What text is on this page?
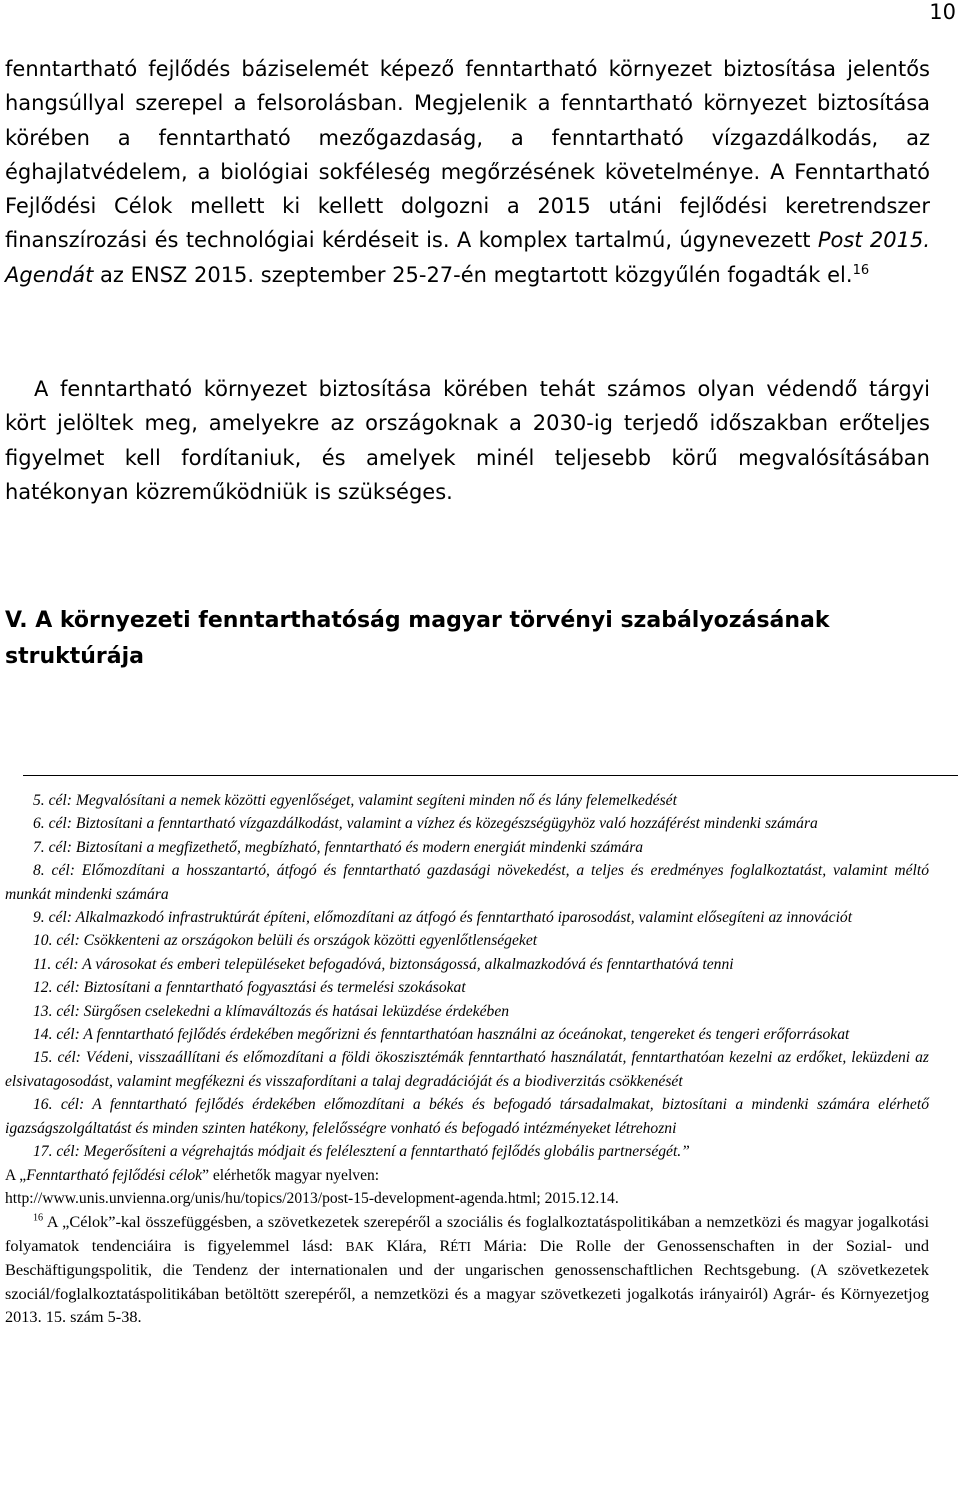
10

fenntartható fejlődés báziselemét képező fenntartható környezet biztosítása jelentős hangsúllyal szerepel a felsorolásban. Megjelenik a fenntartható környezet biztosítása körében a fenntartható mezőgazdaság, a fenntartható vízgazdálkodás, az éghajlatvédelem, a biológiai sokféleség megőrzésének követelménye. A Fenntartható Fejlődési Célok mellett ki kellett dolgozni a 2015 utáni fejlődési keretrendszer finanszírozási és technológiai kérdéseit is. A komplex tartalmú, úgynevezett Post 2015. Agendát az ENSZ 2015. szeptember 25-27-én megtartott közgyűlén fogadták el.$^{16}$

A fenntartható környezet biztosítása körében tehát számos olyan védendő tárgyi kört jelöltek meg, amelyekre az országoknak a 2030-ig terjedő időszakban erőteljes figyelmet kell fordítaniuk, és amelyek minél teljesebb körű megvalósításában hatékonyan közreműködniük is szükséges.

V. A környezeti fenntarthatóság magyar törvényi szabályozásának struktúrája

5. cél: Megvalósítani a nemek közötti egyenlőséget, valamint segíteni minden nő és lány felemelkedését

6. cél: Biztosítani a fenntartható vízgazdálkodást, valamint a vízhez és közegészségügyhöz való hozzáférést mindenki számára

7. cél: Biztosítani a megfizethető, megbízható, fenntartható és modern energiát mindenki számára

8. cél: Előmozdítani a hosszantartó, átfogó és fenntartható gazdasági növekedést, a teljes és eredményes foglalkoztatást, valamint méltó munkát mindenki számára

9. cél: Alkalmazkodó infrastruktúrát építeni, előmozdítani az átfogó és fenntartható iparosodást, valamint elősegíteni az innovációt

10. cél: Csökkenteni az országokon belüli és országok közötti egyenlőtlenségeket

11. cél: A városokat és emberi településeket befogadóvá, biztonságossá, alkalmazkodóvá és fenntarthatóvá tenni

12. cél: Biztosítani a fenntartható fogyasztási és termelési szokásokat

13. cél: Sürgősen cselekedni a klímaváltozás és hatásai leküzdése érdekében

14. cél: A fenntartható fejlődés érdekében megőrizni és fenntarthatóan használni az óceánokat, tengereket és tengeri erőforrásokat

15. cél: Védeni, visszaállítani és előmozdítani a földi ökoszisztémák fenntartható használatát, fenntarthatóan kezelni az erdőket, leküzdeni az elsivatagosodást, valamint megfékezni és visszafordítani a talaj degradációját és a biodiverzitás csökkenését

16. cél: A fenntartható fejlődés érdekében előmozdítani a békés és befogadó társadalmakat, biztosítani a mindenki számára elérhető igazságszolgáltatást és minden szinten hatékony, felelősségre vonható és befogadó intézményeket létrehozni

17. cél: Megerősíteni a végrehajtás módjait és felélesztení a fenntartható fejlődés globális partnerségét.”

A „Fenntartható fejlődési célok” elérhetők magyar nyelven:

http://www.unis.unvienna.org/unis/hu/topics/2013/post-15-development-agenda.html; 2015.12.14.

$^{16}$ A „Célok”-kal összefüggésben, a szövetkezetek szerepéről a szociális és foglalkoztatáspolitikában a nemzetközi és magyar jogalkotási folyamatok tendenciáira is figyelemmel lásd: BAK Klára, RÉTI Mária: Die Rolle der Genossenschaften in der Sozial- und Beschäftigungspolitik, die Tendenz der internationalen und der ungarischen genossenschaftlichen Rechtsgebung. (A szövetkezetek szociál/foglalkoztatáspolitikában betöltött szerepéről, a nemzetközi és a magyar szövetkezeti jogalkotás irányairól) Agrár- és Környezetjog 2013. 15. szám 5-38.
